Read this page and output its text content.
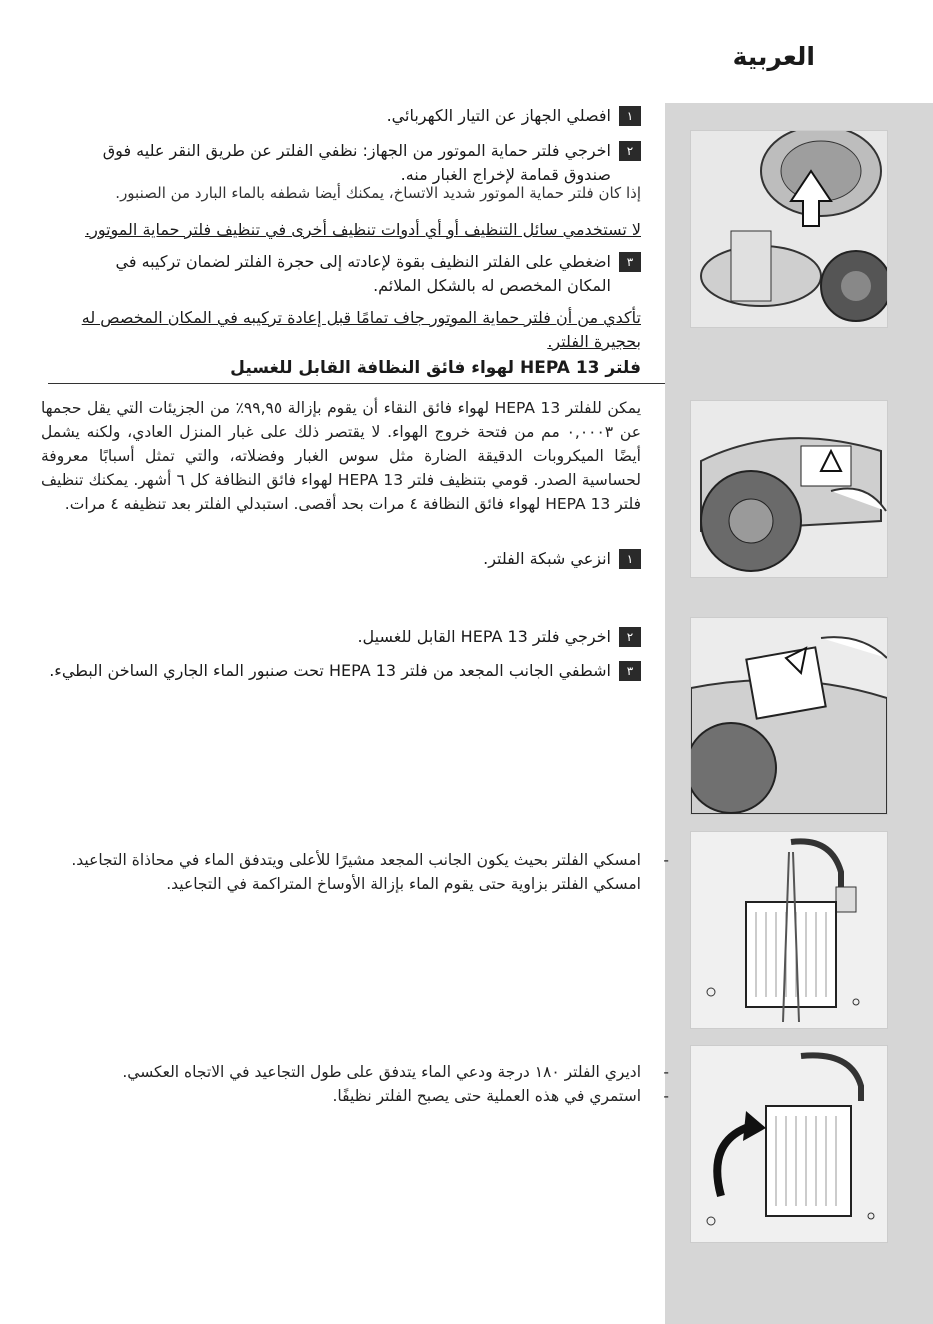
العربية
١
افصلي الجهاز عن التيار الكهربائي.
٢
اخرجي فلتر حماية الموتور من الجهاز: نظفي الفلتر عن طريق النقر عليه فوق صندوق قمامة لإخراج الغبار منه.
إذا كان فلتر حماية الموتور شديد الاتساخ، يمكنك أيضا شطفه بالماء البارد من الصنبور.
لا تستخدمي سائل التنظيف أو أي أدوات تنظيف أخرى في تنظيف فلتر حماية الموتور.
٣
اضغطي على الفلتر النظيف بقوة لإعادته إلى حجرة الفلتر لضمان تركيبه في المكان المخصص له بالشكل الملائم.
تأكدي من أن فلتر حماية الموتور جاف تمامًا قبل إعادة تركيبه في المكان المخصص له بحجيرة الفلتر.
فلتر HEPA 13 لهواء فائق النظافة القابل للغسيل
يمكن للفلتر HEPA 13 لهواء فائق النقاء أن يقوم بإزالة ٩٩,٩٥٪ من الجزيئات التي يقل حجمها عن ٠,٠٠٠٣ مم من فتحة خروج الهواء. لا يقتصر ذلك على غبار المنزل العادي، ولكنه يشمل أيضًا الميكروبات الدقيقة الضارة مثل سوس الغبار وفضلاته، والتي تمثل أسبابًا معروفة لحساسية الصدر. قومي بتنظيف فلتر HEPA 13 لهواء فائق النظافة كل ٦ أشهر. يمكنك تنظيف فلتر HEPA 13 لهواء فائق النظافة ٤ مرات بحد أقصى. استبدلي الفلتر بعد تنظيفه ٤ مرات.
١
انزعي شبكة الفلتر.
٢
اخرجي فلتر HEPA 13 القابل للغسيل.
٣
اشطفي الجانب المجعد من فلتر HEPA 13 تحت صنبور الماء الجاري الساخن البطيء.
-
امسكي الفلتر بحيث يكون الجانب المجعد مشيرًا للأعلى ويتدفق الماء في محاذاة التجاعيد.
امسكي الفلتر بزاوية حتى يقوم الماء بإزالة الأوساخ المتراكمة في التجاعيد.
-
اديري الفلتر ١٨٠ درجة ودعي الماء يتدفق على طول التجاعيد في الاتجاه العكسي.
-
استمري في هذه العملية حتى يصبح الفلتر نظيفًا.
